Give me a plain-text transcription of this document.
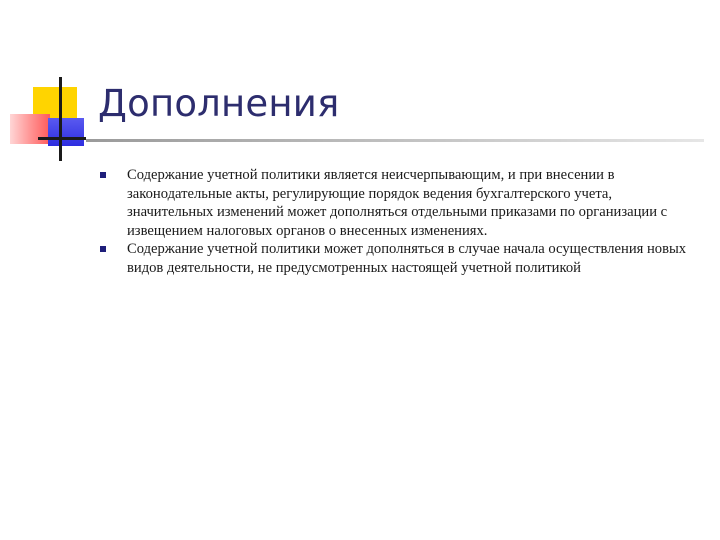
Дополнения
Содержание учетной политики является неисчерпывающим, и при внесении в законодательные акты, регулирующие порядок ведения бухгалтерского учета, значительных изменений может дополняться отдельными приказами по организации с извещением налоговых органов о внесенных изменениях.
Содержание учетной политики может дополняться в случае начала осуществления новых видов деятельности, не предусмотренных настоящей учетной политикой
